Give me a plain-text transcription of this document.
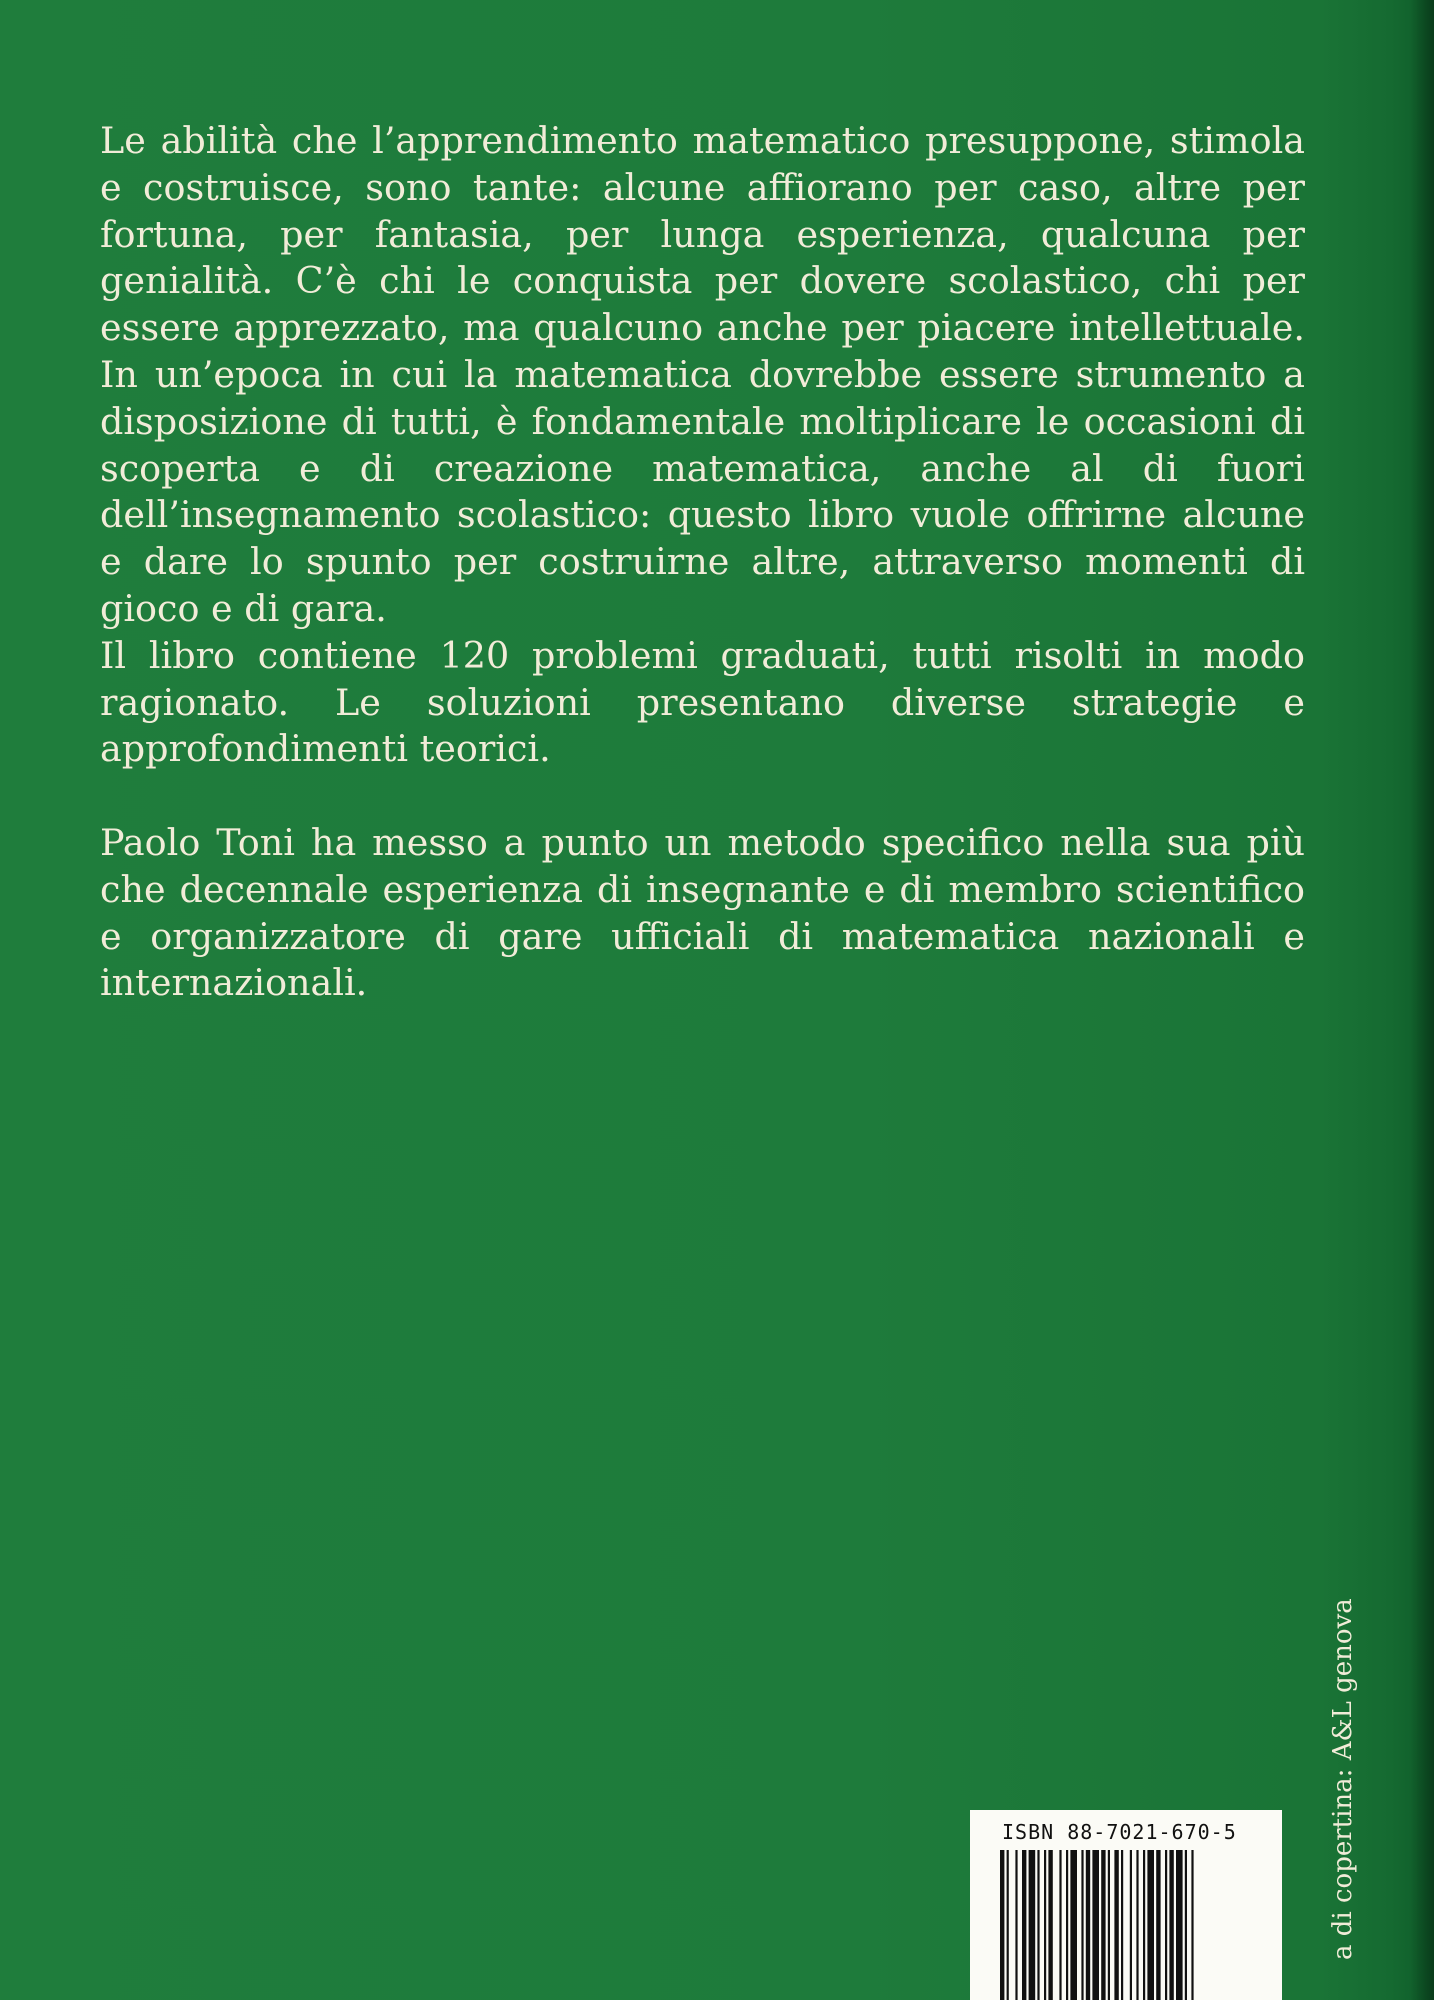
Le abilità che l’apprendimento matematico presuppone, stimola e costruisce, sono tante: alcune affiorano per caso, altre per fortuna, per fantasia, per lunga esperienza, qualcuna per genialità. C’è chi le conquista per dovere scolastico, chi per essere apprezzato, ma qualcuno anche per piacere intellettuale. In un’epoca in cui la matematica dovrebbe essere strumento a disposizione di tutti, è fondamentale moltiplicare le occasioni di scoperta e di creazione matematica, anche al di fuori dell’insegnamento scolastico: questo libro vuole offrirne alcune e dare lo spunto per costruirne altre, attraverso momenti di gioco e di gara.

Il libro contiene 120 problemi graduati, tutti risolti in modo ragionato. Le soluzioni presentano diverse strategie e approfondimenti teorici.

Paolo Toni ha messo a punto un metodo specifico nella sua più che decennale esperienza di insegnante e di membro scientifico e organizzatore di gare ufficiali di matematica nazionali e internazionali.

a di copertina: A&L genova
ISBN 88-7021-670-5
